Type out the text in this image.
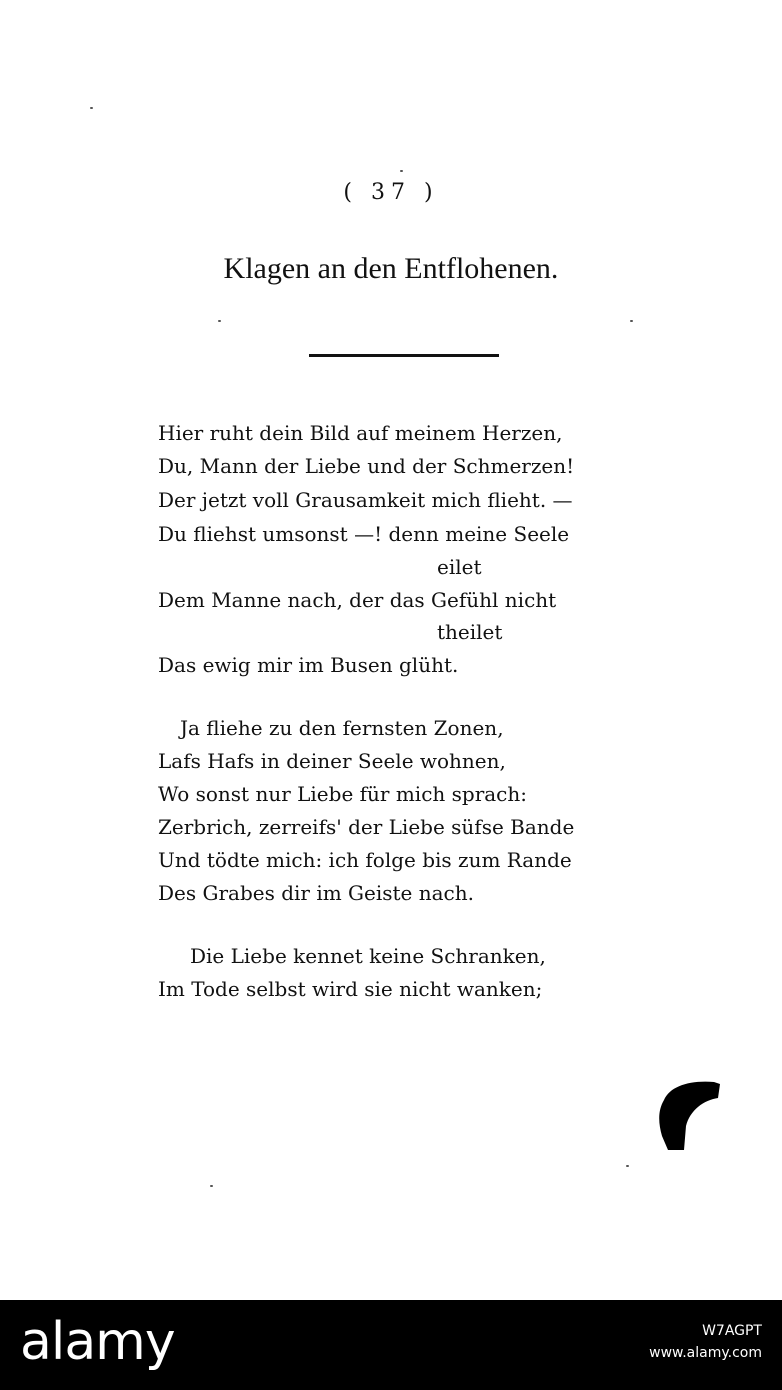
( 37 )
Klagen an den Entflohenen.
Hier ruht dein Bild auf meinem Herzen,
Du, Mann der Liebe und der Schmerzen!
Der jetzt voll Grausamkeit mich flieht. —
Du fliehst umsonst —! denn meine Seele
eilet
Dem Manne nach, der das Gefühl nicht
theilet
Das ewig mir im Busen glüht.
Ja fliehe zu den fernsten Zonen,
Lafs Hafs in deiner Seele wohnen,
Wo sonst nur Liebe für mich sprach:
Zerbrich, zerreifs' der Liebe süfse Bande
Und tödte mich: ich folge bis zum Rande
Des Grabes dir im Geiste nach.
Die Liebe kennet keine Schranken,
Im Tode selbst wird sie nicht wanken;
alamy	W7AGPT
www.alamy.com
